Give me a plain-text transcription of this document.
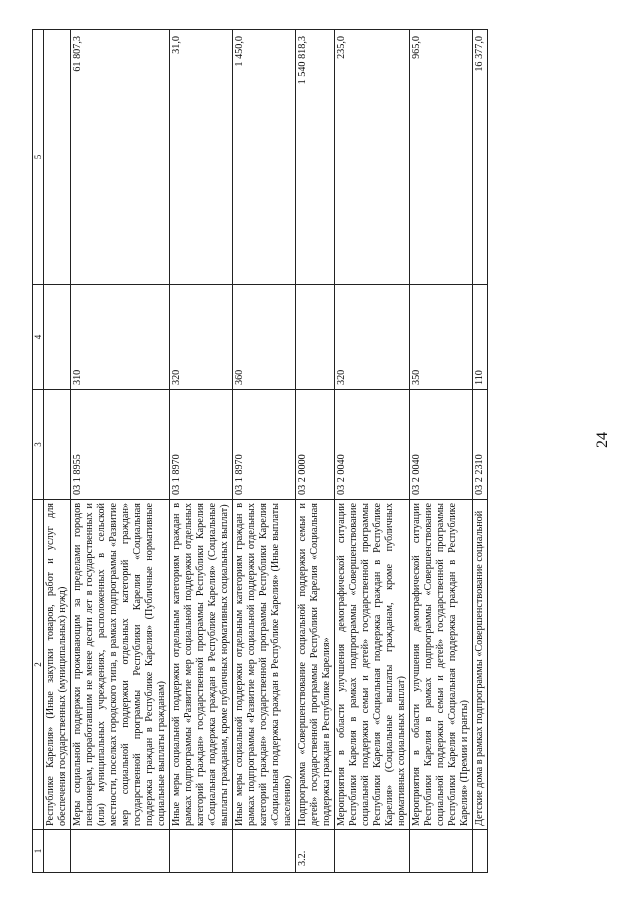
24
1	2	3	4	5
	Республике Карелия» (Иные закупки товаров, работ и услуг для обеспечения государственных (муниципальных) нужд)			
	Меры социальной поддержки проживающим за пределами городов пенсионерам, проработавшим не менее десяти лет в государственных и (или) муниципальных учреждениях, расположенных в сельской местности, поселках городского типа, в рамках подпрограммы «Развитие мер социальной поддержки отдельных категорий граждан» государственной программы Республики Карелия «Социальная поддержка граждан в Республике Карелия» (Публичные нормативные социальные выплаты гражданам)	03 1 8955	310	61 807,3
	Иные меры социальной поддержки отдельным категориям граждан в рамках подпрограммы «Развитие мер социальной поддержки отдельных категорий граждан» государственной программы Республики Карелия «Социальная поддержка граждан в Республике Карелия» (Социальные выплаты гражданам, кроме публичных нормативных социальных выплат)	03 1 8970	320	31,0
	Иные меры социальной поддержки отдельным категориям граждан в рамках подпрограммы «Развитие мер социальной поддержки отдельных категорий граждан» государственной программы Республики Карелия «Социальная поддержка граждан в Республике Карелия» (Иные выплаты населению)	03 1 8970	360	1 450,0
3.2.	Подпрограмма «Совершенствование социальной поддержки семьи и детей» государственной программы Республики Карелия «Социальная поддержка граждан в Республике Карелия»	03 2 0000		1 540 818,3
	Мероприятия в области улучшения демографической ситуации Республики Карелия в рамках подпрограммы «Совершенствование социальной поддержки семьи и детей» государственной программы Республики Карелия «Социальная поддержка граждан в Республике Карелия» (Социальные выплаты гражданам, кроме публичных нормативных социальных выплат)	03 2 0040	320	235,0
	Мероприятия в области улучшения демографической ситуации Республики Карелия в рамках подпрограммы «Совершенствование социальной поддержки семьи и детей» государственной программы Республики Карелия «Социальная поддержка граждан в Республике Карелия» (Премии и гранты)	03 2 0040	350	965,0
	Детские дома в рамках подпрограммы «Совершенствование социальной	03 2 2310	110	16 377,0
